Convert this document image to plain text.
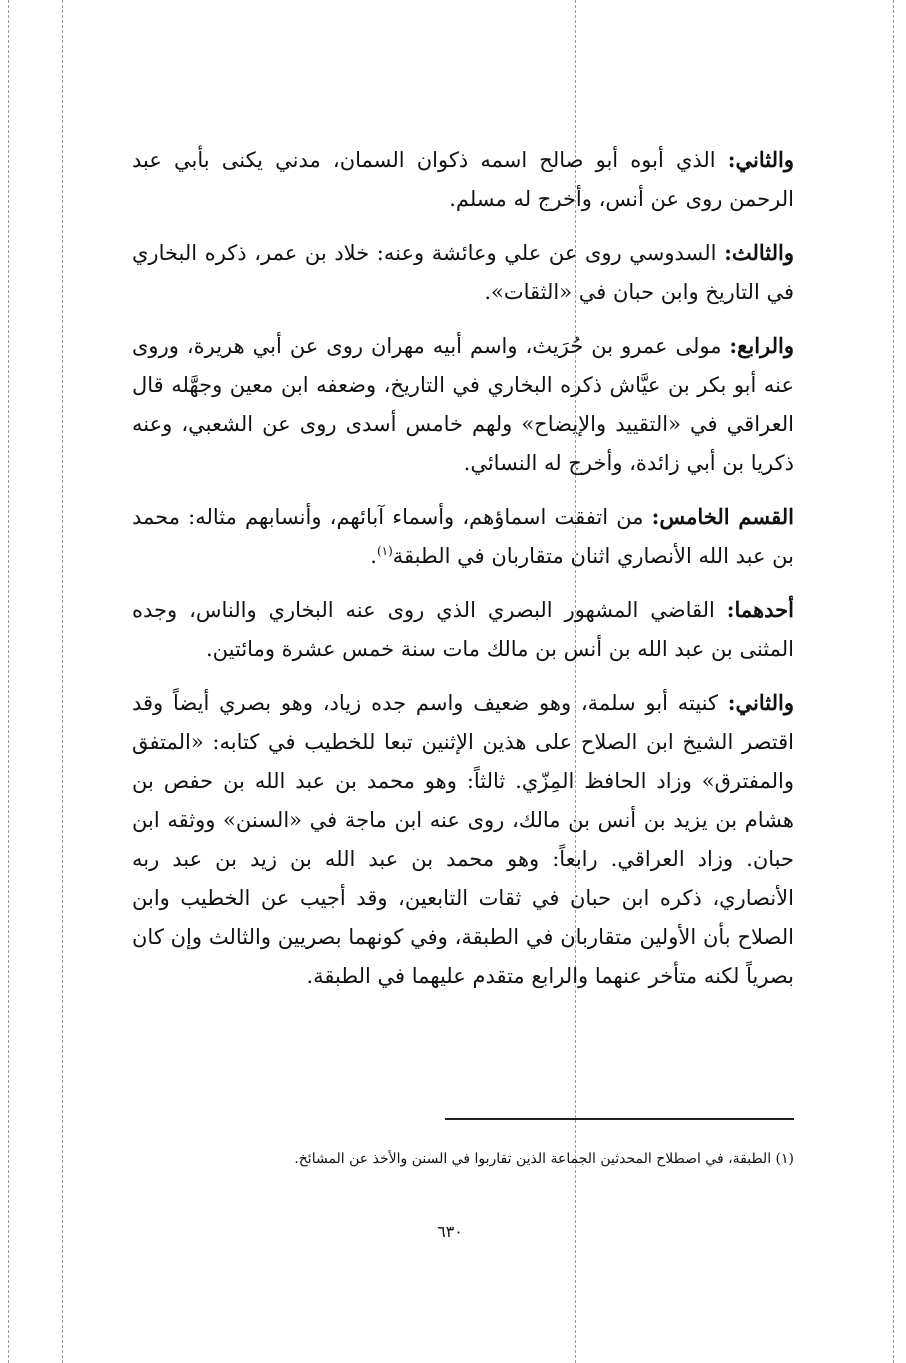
والثاني: الذي أبوه أبو صالح اسمه ذكوان السمان، مدني يكنى بأبي عبد الرحمن روى عن أنس، وأخرج له مسلم.

والثالث: السدوسي روى عن علي وعائشة وعنه: خلاد بن عمر، ذكره البخاري في التاريخ وابن حبان في «الثقات».

والرابع: مولى عمرو بن حُرَيث، واسم أبيه مهران روى عن أبي هريرة، وروى عنه أبو بكر بن عيَّاش ذكره البخاري في التاريخ، وضعفه ابن معين وجهَّله قال العراقي في «التقييد والإيضاح» ولهم خامس أسدى روى عن الشعبي، وعنه ذكريا بن أبي زائدة، وأخرج له النسائي.

القسم الخامس: من اتفقت اسماؤهم، وأسماء آبائهم، وأنسابهم مثاله: محمد بن عبد الله الأنصاري اثنان متقاربان في الطبقة$^{(١)}$.

أحدهما: القاضي المشهور البصري الذي روى عنه البخاري والناس، وجده المثنى بن عبد الله بن أنس بن مالك مات سنة خمس عشرة ومائتين.

والثاني: كنيته أبو سلمة، وهو ضعيف واسم جده زياد، وهو بصري أيضاً وقد اقتصر الشيخ ابن الصلاح على هذين الإثنين تبعا للخطيب في كتابه: «المتفق والمفترق» وزاد الحافظ المِزّي. ثالثاً: وهو محمد بن عبد الله بن حفص بن هشام بن يزيد بن أنس بن مالك، روى عنه ابن ماجة في «السنن» ووثقه ابن حبان. وزاد العراقي. رابعاً: وهو محمد بن عبد الله بن زيد بن عبد ربه الأنصاري، ذكره ابن حبان في ثقات التابعين، وقد أجيب عن الخطيب وابن الصلاح بأن الأولين متقاربان في الطبقة، وفي كونهما بصريين والثالث وإن كان بصرياً لكنه متأخر عنهما والرابع متقدم عليهما في الطبقة.

(١) الطبقة، في اصطلاح المحدثين الجماعة الذين تقاربوا في السنن والأخذ عن المشائخ.
٦٣٠
